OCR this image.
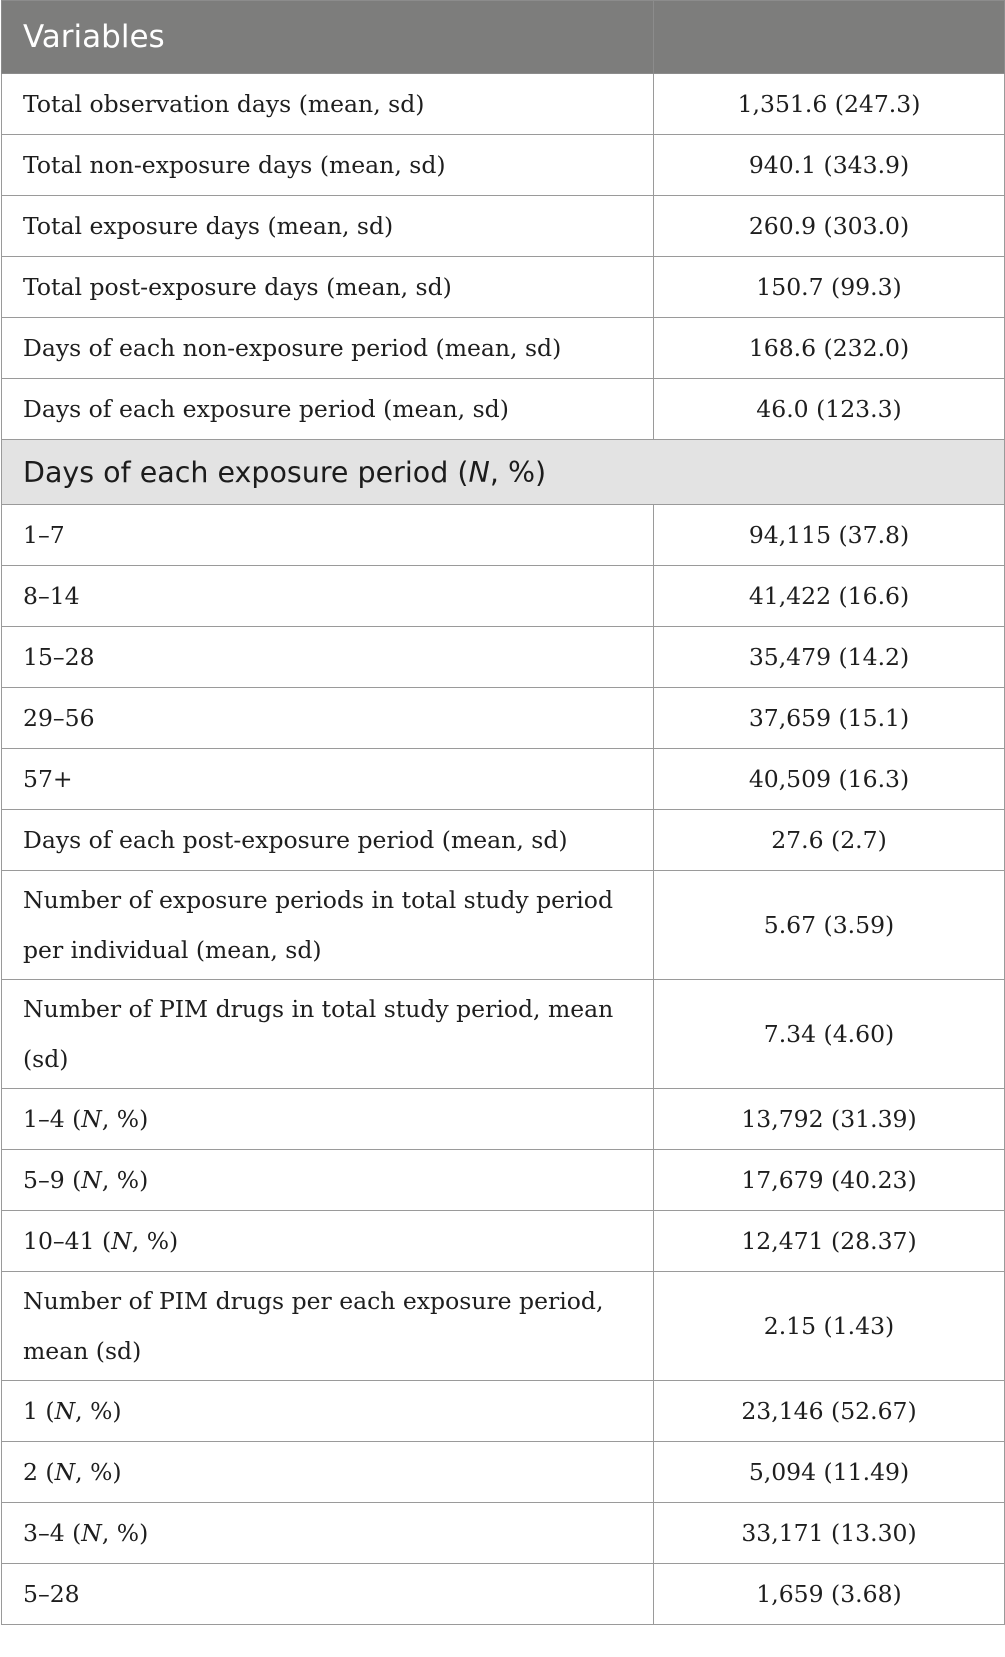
Variables	
Total observation days (mean, sd)	1,351.6 (247.3)
Total non-exposure days (mean, sd)	940.1 (343.9)
Total exposure days (mean, sd)	260.9 (303.0)
Total post-exposure days (mean, sd)	150.7 (99.3)
Days of each non-exposure period (mean, sd)	168.6 (232.0)
Days of each exposure period (mean, sd)	46.0 (123.3)
Days of each exposure period (N, %)	
1–7	94,115 (37.8)
8–14	41,422 (16.6)
15–28	35,479 (14.2)
29–56	37,659 (15.1)
57+	40,509 (16.3)
Days of each post-exposure period (mean, sd)	27.6 (2.7)
Number of exposure periods in total study period
per individual (mean, sd)	5.67 (3.59)
Number of PIM drugs in total study period, mean
(sd)	7.34 (4.60)
1–4 (N, %)	13,792 (31.39)
5–9 (N, %)	17,679 (40.23)
10–41 (N, %)	12,471 (28.37)
Number of PIM drugs per each exposure period,
mean (sd)	2.15 (1.43)
1 (N, %)	23,146 (52.67)
2 (N, %)	5,094 (11.49)
3–4 (N, %)	33,171 (13.30)
5–28	1,659 (3.68)
